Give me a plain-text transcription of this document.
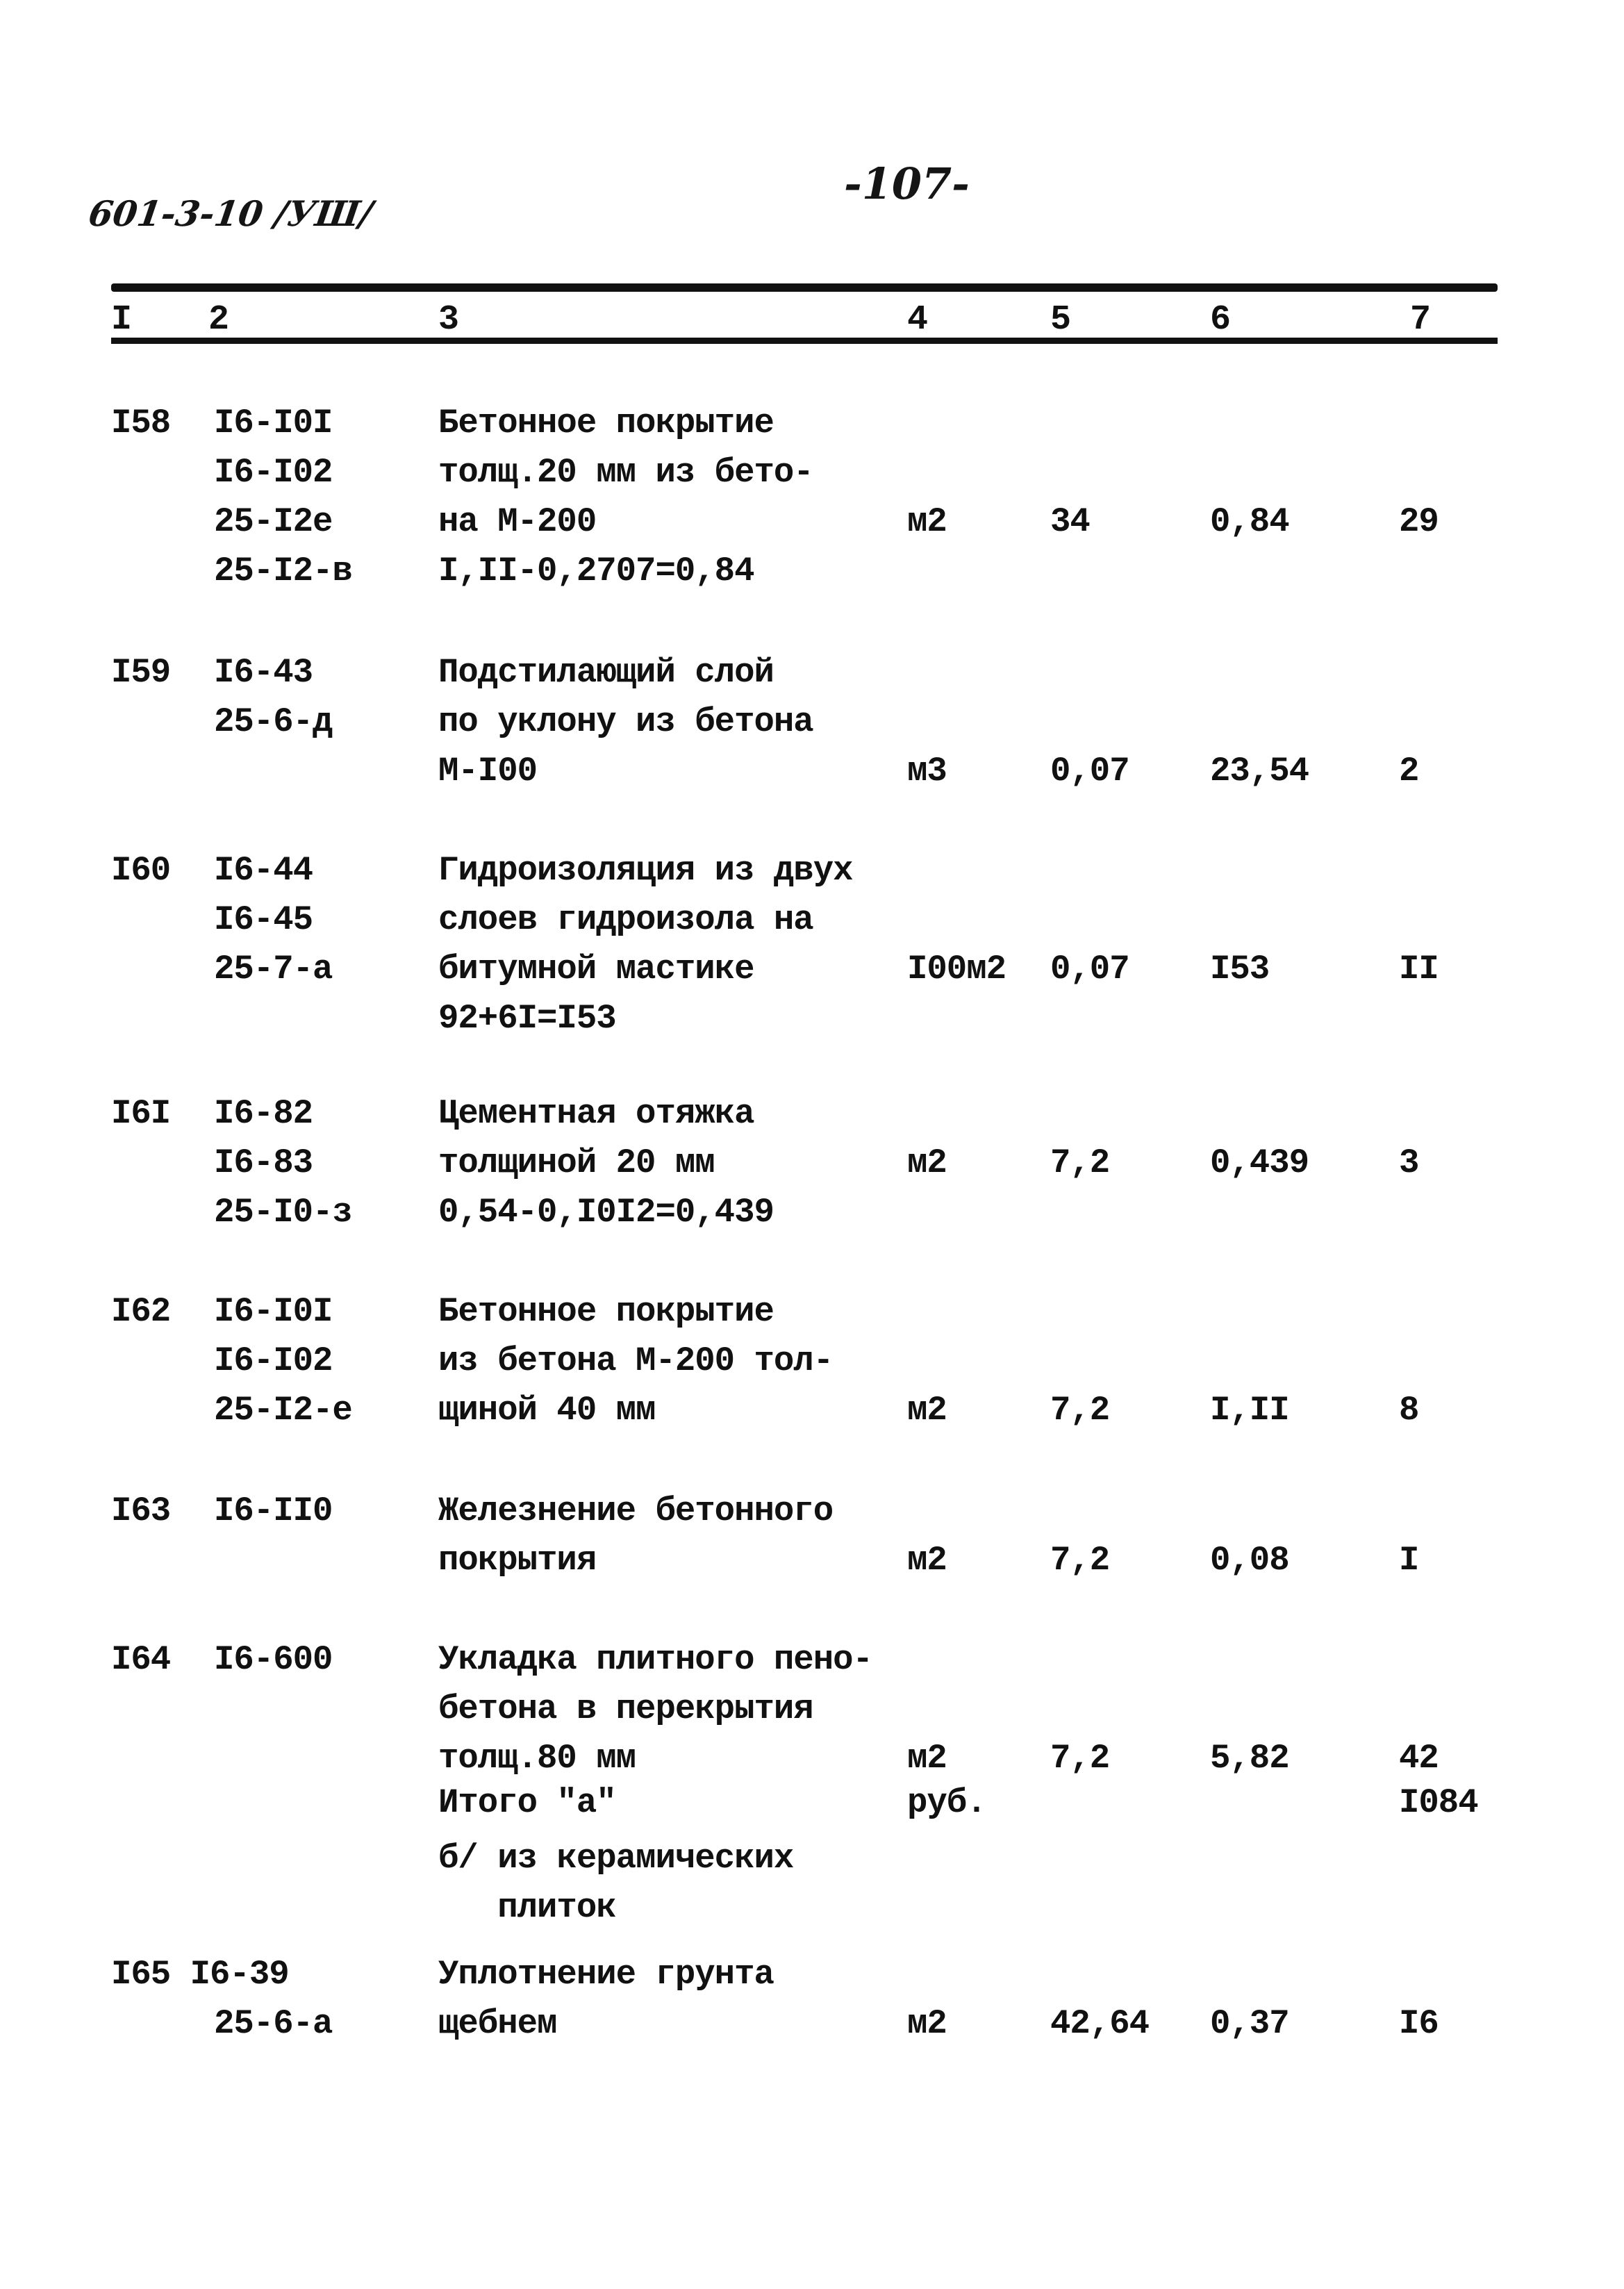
601-3-10 /УШ/
-107-
I 2	3	4	5	6	7
I58 I6-I0I	Бетонное покрытие
I6-I02	толщ.20 мм из бето-
25-I2е	на М-200	м2	34	0,84	29
25-I2-в	I,II-0,2707=0,84
I59 I6-43	Подстилающий слой
25-6-д	по уклону из бетона
М-I00	м3	0,07 23,54	2
I60 I6-44	Гидроизоляция из двух
I6-45	слоев гидроизола на
25-7-а	битумной мастике	I00м2 0,07 I53	II
92+6I=I53
I6I I6-82	Цементная отяжка
I6-83	толщиной 20 мм	м2	7,2	0,439	3
25-I0-з	0,54-0,I0I2=0,439
I62 I6-I0I	Бетонное покрытие
I6-I02	из бетона М-200 тол-
25-I2-е	щиной 40 мм	м2	7,2	I,II	8
I63 I6-II0	Железнение бетонного
покрытия	м2	7,2	0,08	I
I64 I6-600	Укладка плитного пено-
бетона в перекрытия
толщ.80 мм	м2	7,2	5,82	42
Итого "а"	руб.	I084
б/ из керамических
плиток
I65 I6-39	Уплотнение грунта
25-6-а	щебнем	м2	42,64 0,37	I6
